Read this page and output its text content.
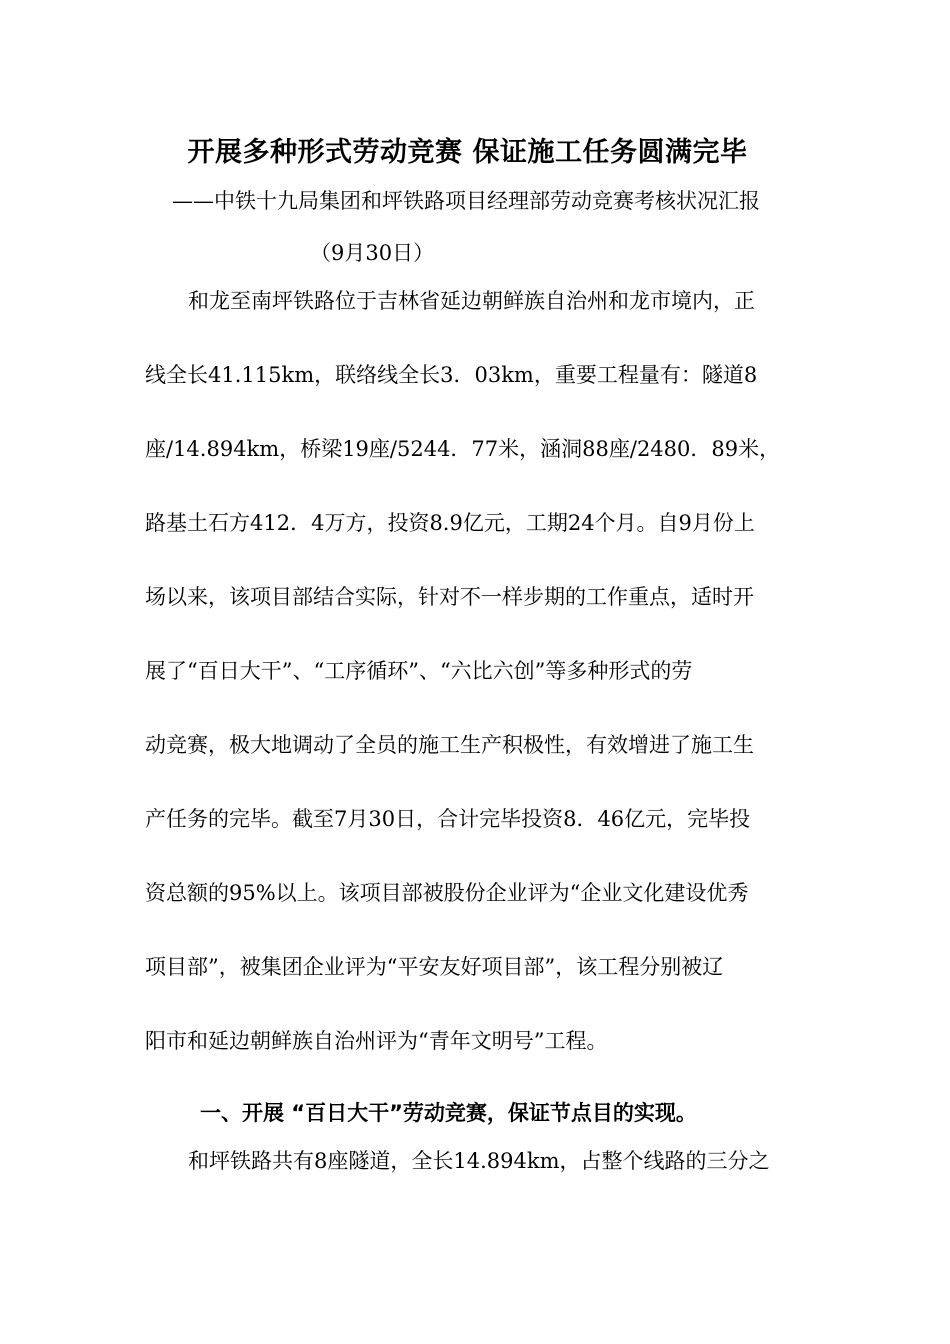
开展多种形式劳动竞赛 保证施工任务圆满完毕
——中铁十九局集团和坪铁路项目经理部劳动竞赛考核状况汇报
（9月30日）
和龙至南坪铁路位于吉林省延边朝鲜族自治州和龙市境内，正
线全长41.115km，联络线全长3．03km，重要工程量有：隧道8
座/14.894km，桥梁19座/5244．77米，涵洞88座/2480．89米，
路基土石方412．4万方，投资8.9亿元，工期24个月。自9月份上
场以来，该项目部结合实际，针对不一样步期的工作重点，适时开
展了“百日大干”、“工序循环”、“六比六创”等多种形式的劳
动竞赛，极大地调动了全员的施工生产积极性，有效增进了施工生
产任务的完毕。截至7月30日，合计完毕投资8．46亿元，完毕投
资总额的95%以上。该项目部被股份企业评为“企业文化建设优秀
项目部”，被集团企业评为“平安友好项目部”，该工程分别被辽
阳市和延边朝鲜族自治州评为“青年文明号”工程。
一、开展 “百日大干”劳动竞赛，保证节点目的实现。
和坪铁路共有8座隧道，全长14.894km，占整个线路的三分之
